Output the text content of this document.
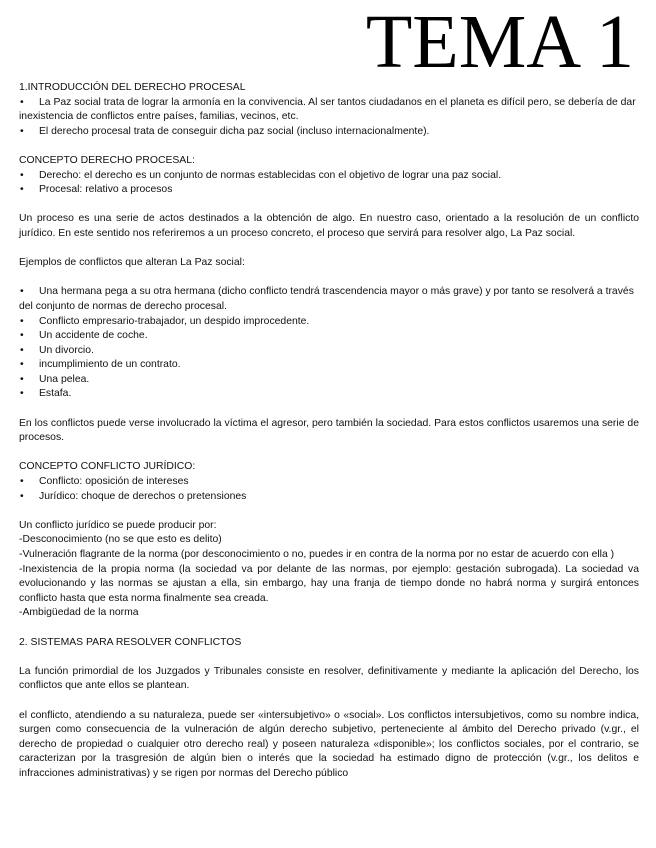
TEMA 1

1.INTRODUCCIÓN DEL DERECHO PROCESAL

• La Paz social trata de lograr la armonía en la convivencia. Al ser tantos ciudadanos en el planeta es difícil pero, se debería de dar inexistencia de conflictos entre países, familias, vecinos, etc.
• El derecho procesal trata de conseguir dicha paz social (incluso internacionalmente).

CONCEPTO DERECHO PROCESAL:

• Derecho: el derecho es un conjunto de normas establecidas con el objetivo de lograr una paz social.
• Procesal: relativo a procesos

Un proceso es una serie de actos destinados a la obtención de algo. En nuestro caso, orientado a la resolución de un conflicto jurídico. En este sentido nos referiremos a un proceso concreto, el proceso que servirá para resolver algo, La Paz social.

Ejemplos de conflictos que alteran La Paz social:

• Una hermana pega a su otra hermana (dicho conflicto tendrá trascendencia mayor o más grave) y por tanto se resolverá a través del conjunto de normas de derecho procesal.
• Conflicto empresario-trabajador, un despido improcedente.
• Un accidente de coche.
• Un divorcio.
• incumplimiento de un contrato.
• Una pelea.
• Estafa.

En los conflictos puede verse involucrado la víctima el agresor, pero también la sociedad. Para estos conflictos usaremos una serie de procesos.

CONCEPTO CONFLICTO JURÍDICO:

• Conflicto: oposición de intereses
• Jurídico: choque de derechos o pretensiones

Un conflicto jurídico se puede producir por:

-Desconocimiento (no se que esto es delito)

-Vulneración flagrante de la norma (por desconocimiento o no, puedes ir en contra de la norma por no estar de acuerdo con ella )

-Inexistencia de la propia norma (la sociedad va por delante de las normas, por ejemplo: gestación subrogada). La sociedad va evolucionando y las normas se ajustan a ella, sin embargo, hay una franja de tiempo donde no habrá norma y surgirá entonces conflicto hasta que esta norma finalmente sea creada.

-Ambigüedad de la norma

2. SISTEMAS PARA RESOLVER CONFLICTOS

La función primordial de los Juzgados y Tribunales consiste en resolver, definitivamente y mediante la aplicación del Derecho, los conflictos que ante ellos se plantean.

el conflicto, atendiendo a su naturaleza, puede ser «intersubjetivo» o «social». Los conflictos intersubjetivos, como su nombre indica, surgen como consecuencia de la vulneración de algún derecho subjetivo, perteneciente al ámbito del Derecho privado (v.gr., el derecho de propiedad o cualquier otro derecho real) y poseen naturaleza «disponible»; los conflictos sociales, por el contrario, se caracterizan por la trasgresión de algún bien o interés que la sociedad ha estimado digno de protección (v.gr., los delitos e infracciones administrativas) y se rigen por normas del Derecho público
